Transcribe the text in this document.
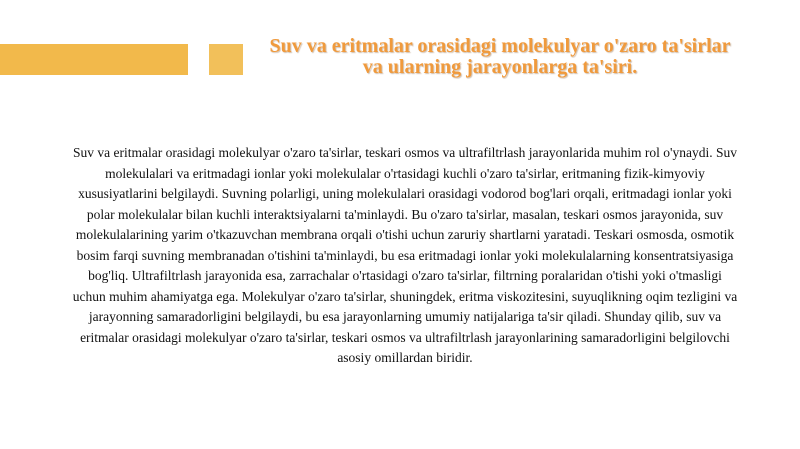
Suv va eritmalar orasidagi molekulyar o'zaro ta'sirlar va ularning jarayonlarga ta'siri.

Suv va eritmalar orasidagi molekulyar o'zaro ta'sirlar, teskari osmos va ultrafiltrlash jarayonlarida muhim rol o'ynaydi. Suv molekulalari va eritmadagi ionlar yoki molekulalar o'rtasidagi kuchli o'zaro ta'sirlar, eritmaning fizik-kimyoviy xususiyatlarini belgilaydi. Suvning polarligi, uning molekulalari orasidagi vodorod bog'lari orqali, eritmadagi ionlar yoki polar molekulalar bilan kuchli interaktsiyalarni ta'minlaydi. Bu o'zaro ta'sirlar, masalan, teskari osmos jarayonida, suv molekulalarining yarim o'tkazuvchan membrana orqali o'tishi uchun zaruriy shartlarni yaratadi. Teskari osmosda, osmotik bosim farqi suvning membranadan o'tishini ta'minlaydi, bu esa eritmadagi ionlar yoki molekulalarning konsentratsiyasiga bog'liq. Ultrafiltrlash jarayonida esa, zarrachalar o'rtasidagi o'zaro ta'sirlar, filtrning poralaridan o'tishi yoki o'tmasligi uchun muhim ahamiyatga ega. Molekulyar o'zaro ta'sirlar, shuningdek, eritma viskozitesini, suyuqlikning oqim tezligini va jarayonning samaradorligini belgilaydi, bu esa jarayonlarning umumiy natijalariga ta'sir qiladi. Shunday qilib, suv va eritmalar orasidagi molekulyar o'zaro ta'sirlar, teskari osmos va ultrafiltrlash jarayonlarining samaradorligini belgilovchi asosiy omillardan biridir.
